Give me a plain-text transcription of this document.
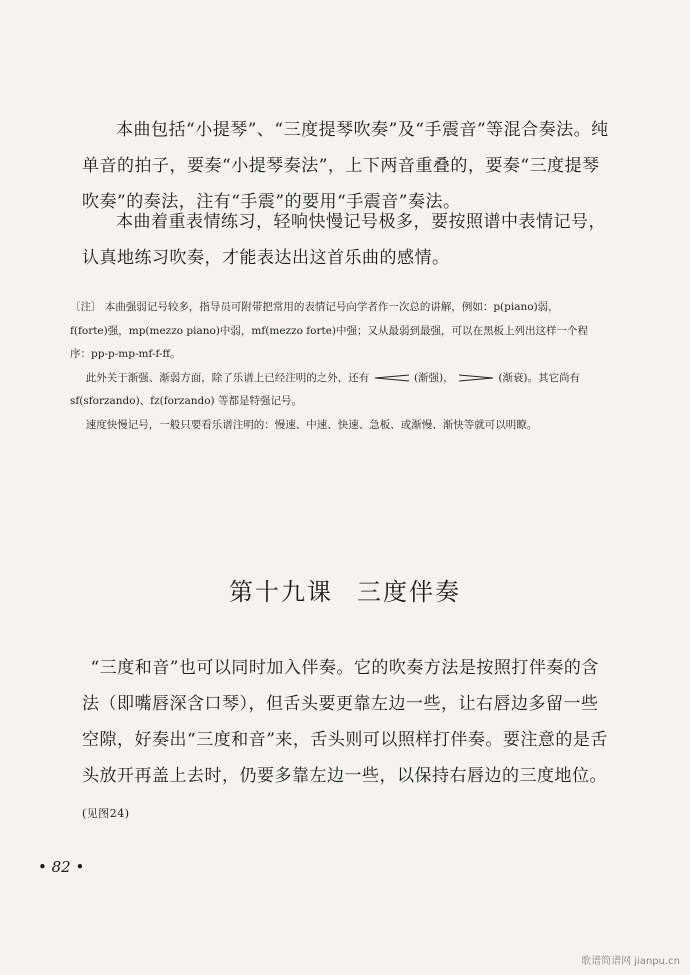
本曲包括“小提琴”、“三度提琴吹奏”及“手震音”等混合奏法。纯单音的拍子，要奏“小提琴奏法”，上下两音重叠的，要奏“三度提琴吹奏”的奏法，注有“手震”的要用“手震音”奏法。

本曲着重表情练习，轻响快慢记号极多，要按照谱中表情记号，认真地练习吹奏，才能表达出这首乐曲的感情。

〔注〕 本曲强弱记号较多，指导员可附带把常用的表情记号向学者作一次总的讲解，例如：p(piano)弱，f(forte)强，mp(mezzo piano)中弱，mf(mezzo forte)中强；又从最弱到最强，可以在黑板上列出这样一个程序：pp-p-mp-mf-f-ff。

此外关于渐强、渐弱方面，除了乐谱上已经注明的之外，还有	(渐强)，	(渐衰)。其它尚有 sf(sforzando)、fz(forzando) 等都是特强记号。

速度快慢记号，一般只要看乐谱注明的：慢速、中速、快速、急板、或渐慢、渐快等就可以明瞭。

第十九课 三度伴奏

“三度和音”也可以同时加入伴奏。它的吹奏方法是按照打伴奏的含法（即嘴唇深含口琴），但舌头要更靠左边一些，让右唇边多留一些空隙，好奏出“三度和音”来，舌头则可以照样打伴奏。要注意的是舌头放开再盖上去时，仍要多靠左边一些，以保持右唇边的三度地位。(见图24)

• 82 •
歌谱简谱网 jianpu.cn
